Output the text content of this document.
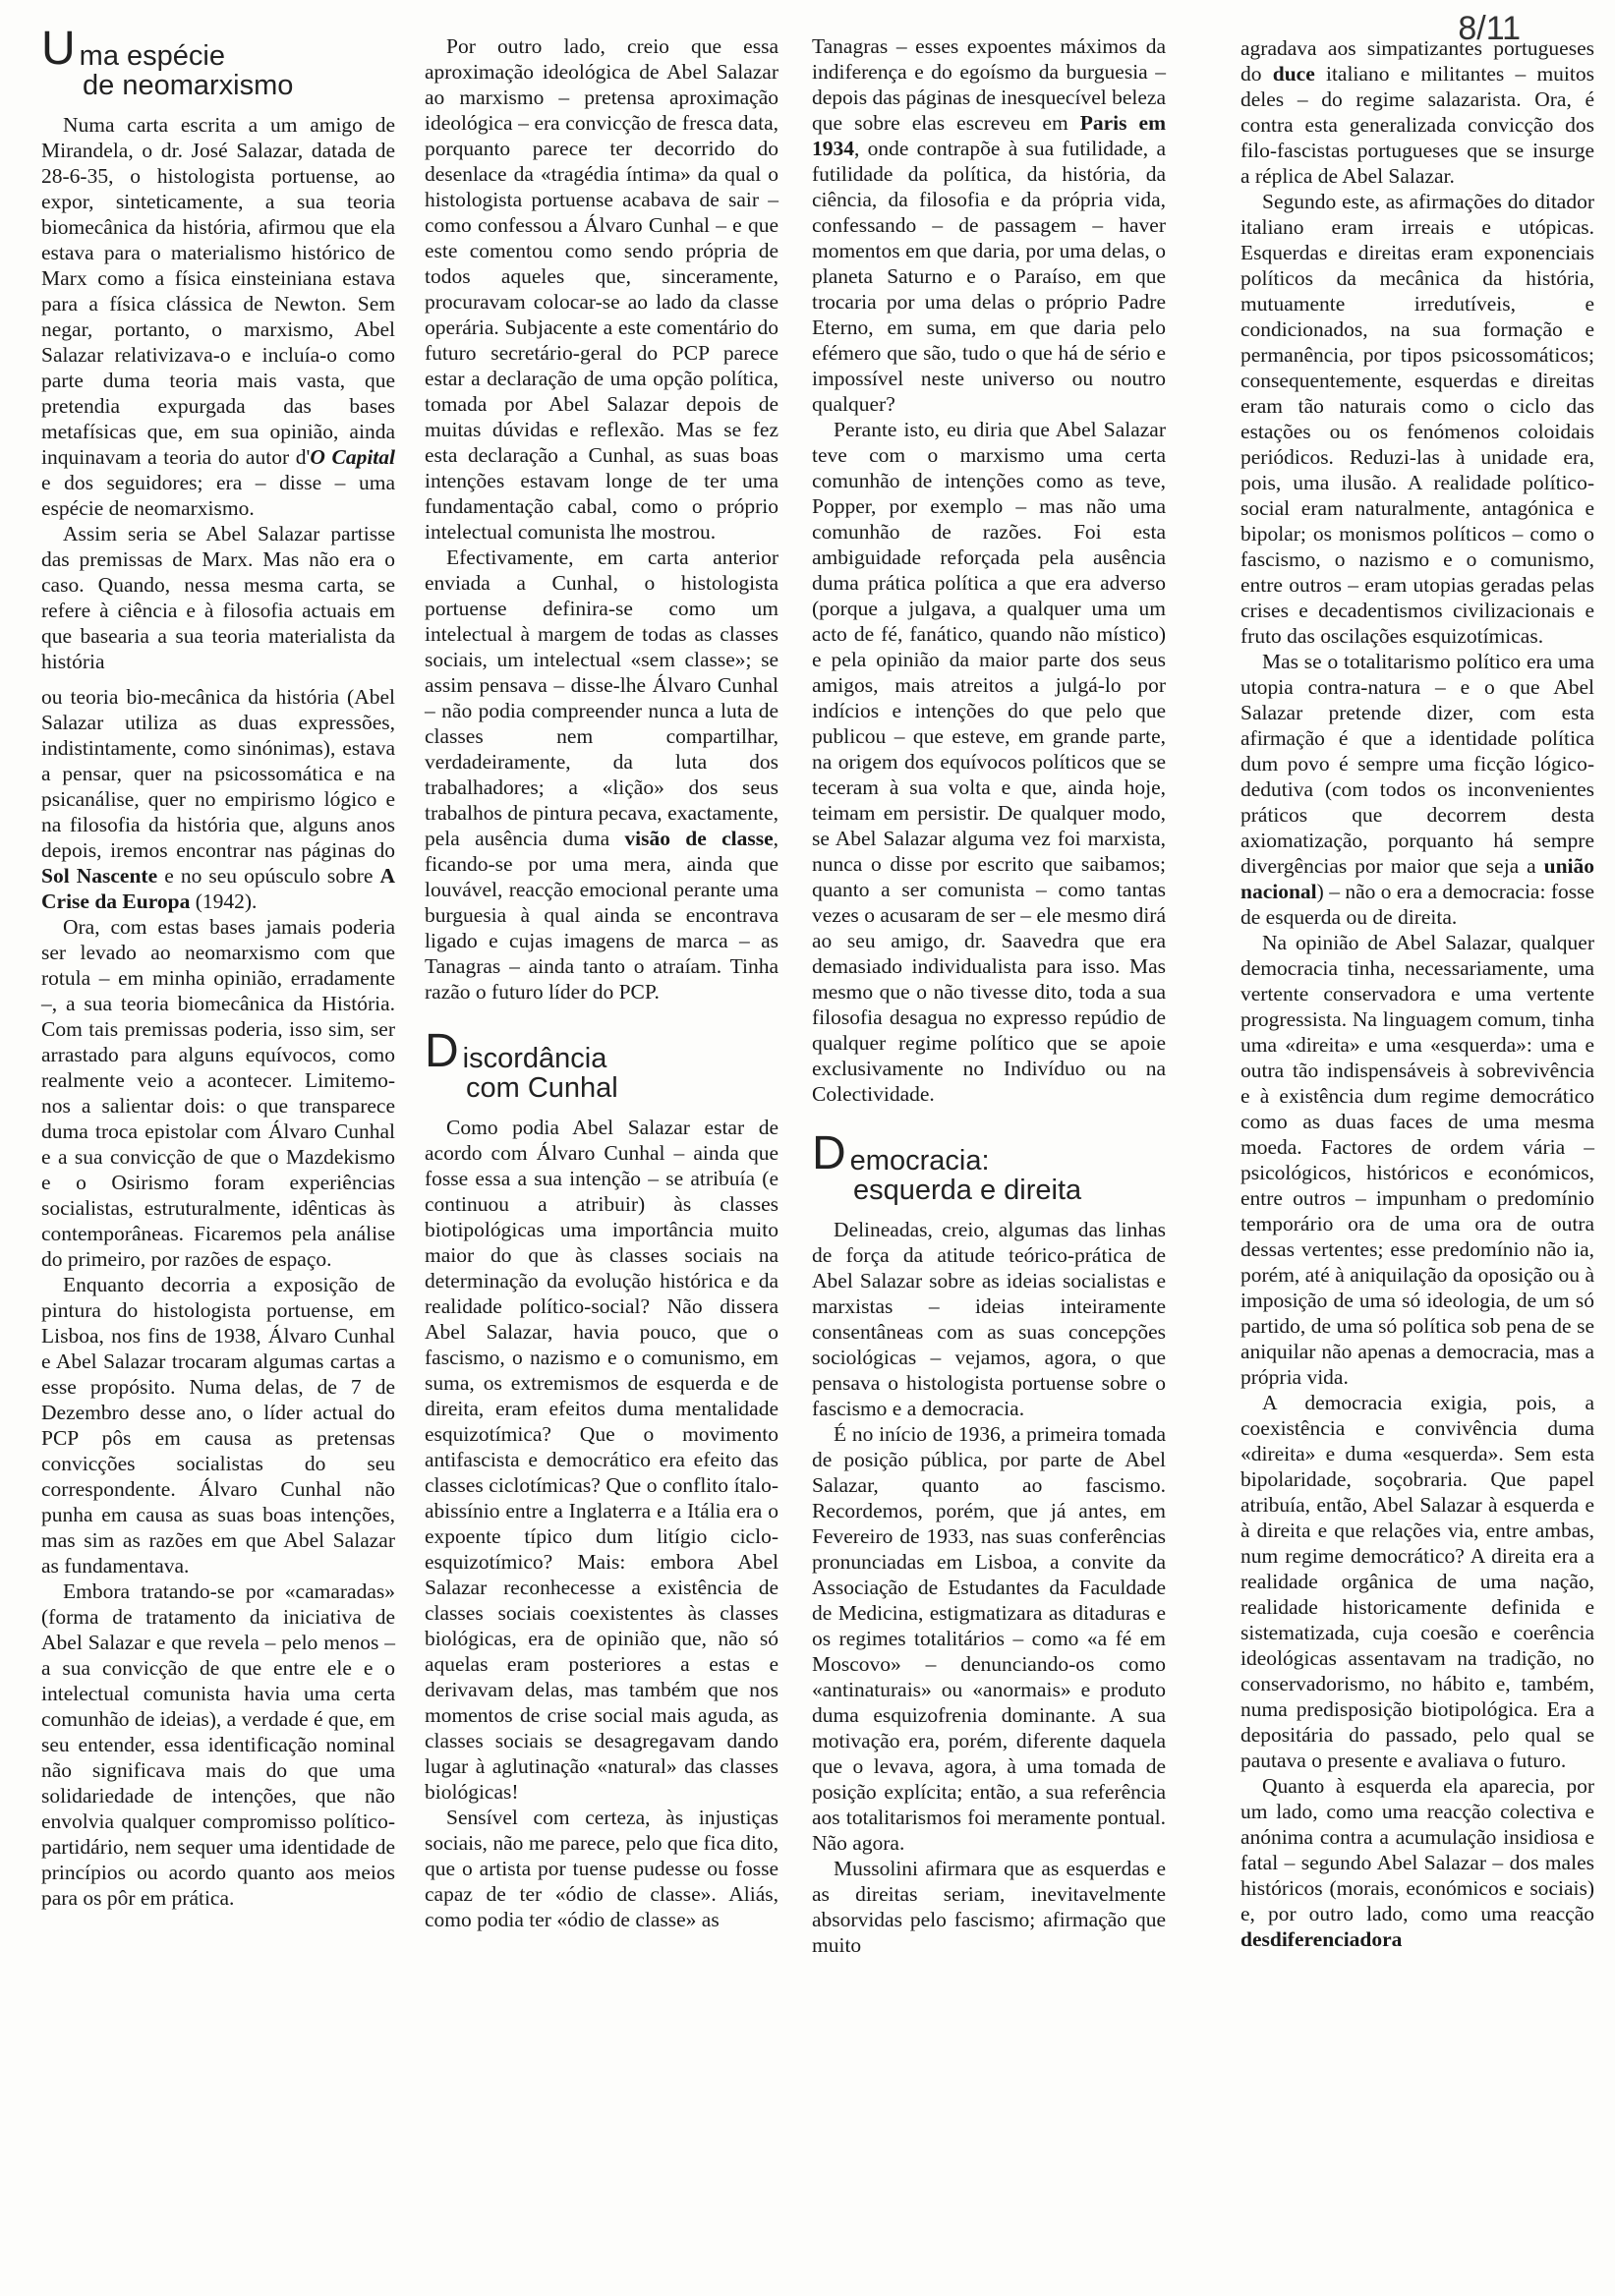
8/11
U ma espécie
de neomarxismo

Numa carta escrita a um amigo de Mirandela, o dr. José Salazar, datada de 28-6-35, o histologista portuense, ao expor, sinteticamente, a sua teoria biomecânica da história, afirmou que ela estava para o materialismo histórico de Marx como a física einsteiniana estava para a física clássica de Newton. Sem negar, portanto, o marxismo, Abel Salazar relativizava-o e incluía-o como parte duma teoria mais vasta, que pretendia expurgada das bases metafísicas que, em sua opinião, ainda inquinavam a teoria do autor d'O Capital e dos seguidores; era – disse – uma espécie de neomarxismo.

Assim seria se Abel Salazar partisse das premissas de Marx. Mas não era o caso. Quando, nessa mesma carta, se refere à ciência e à filosofia actuais em que basearia a sua teoria materialista da história

ou teoria bio-mecânica da história (Abel Salazar utiliza as duas expressões, indistintamente, como sinónimas), estava a pensar, quer na psicossomática e na psicanálise, quer no empirismo lógico e na filosofia da história que, alguns anos depois, iremos encontrar nas páginas do Sol Nascente e no seu opúsculo sobre A Crise da Europa (1942).

Ora, com estas bases jamais poderia ser levado ao neomarxismo com que rotula – em minha opinião, erradamente –, a sua teoria biomecânica da História. Com tais premissas poderia, isso sim, ser arrastado para alguns equívocos, como realmente veio a acontecer. Limitemo-nos a salientar dois: o que transparece duma troca epistolar com Álvaro Cunhal e a sua convicção de que o Mazdekismo e o Osirismo foram experiências socialistas, estruturalmente, idênticas às contemporâneas. Ficaremos pela análise do primeiro, por razões de espaço.

Enquanto decorria a exposição de pintura do histologista portuense, em Lisboa, nos fins de 1938, Álvaro Cunhal e Abel Salazar trocaram algumas cartas a esse propósito. Numa delas, de 7 de Dezembro desse ano, o líder actual do PCP pôs em causa as pretensas convicções socialistas do seu correspondente. Álvaro Cunhal não punha em causa as suas boas intenções, mas sim as razões em que Abel Salazar as fundamentava.

Embora tratando-se por «camaradas» (forma de tratamento da iniciativa de Abel Salazar e que revela – pelo menos – a sua convicção de que entre ele e o intelectual comunista havia uma certa comunhão de ideias), a verdade é que, em seu entender, essa identificação nominal não significava mais do que uma solidariedade de intenções, que não envolvia qualquer compromisso político-partidário, nem sequer uma identidade de princípios ou acordo quanto aos meios para os pôr em prática.

Por outro lado, creio que essa aproximação ideológica de Abel Salazar ao marxismo – pretensa aproximação ideológica – era convicção de fresca data, porquanto parece ter decorrido do desenlace da «tragédia íntima» da qual o histologista portuense acabava de sair – como confessou a Álvaro Cunhal – e que este comentou como sendo própria de todos aqueles que, sinceramente, procuravam colocar-se ao lado da classe operária. Subjacente a este comentário do futuro secretário-geral do PCP parece estar a declaração de uma opção política, tomada por Abel Salazar depois de muitas dúvidas e reflexão. Mas se fez esta declaração a Cunhal, as suas boas intenções estavam longe de ter uma fundamentação cabal, como o próprio intelectual comunista lhe mostrou.

Efectivamente, em carta anterior enviada a Cunhal, o histologista portuense definira-se como um intelectual à margem de todas as classes sociais, um intelectual «sem classe»; se assim pensava – disse-lhe Álvaro Cunhal – não podia compreender nunca a luta de classes nem compartilhar, verdadeiramente, da luta dos trabalhadores; a «lição» dos seus trabalhos de pintura pecava, exactamente, pela ausência duma visão de classe, ficando-se por uma mera, ainda que louvável, reacção emocional perante uma burguesia à qual ainda se encontrava ligado e cujas imagens de marca – as Tanagras – ainda tanto o atraíam. Tinha razão o futuro líder do PCP.

D iscordância
com Cunhal

Como podia Abel Salazar estar de acordo com Álvaro Cunhal – ainda que fosse essa a sua intenção – se atribuía (e continuou a atribuir) às classes biotipológicas uma importância muito maior do que às classes sociais na determinação da evolução histórica e da realidade político-social? Não dissera Abel Salazar, havia pouco, que o fascismo, o nazismo e o comunismo, em suma, os extremismos de esquerda e de direita, eram efeitos duma mentalidade esquizotímica? Que o movimento antifascista e democrático era efeito das classes ciclotímicas? Que o conflito ítalo-abissínio entre a Inglaterra e a Itália era o expoente típico dum litígio ciclo-esquizotímico? Mais: embora Abel Salazar reconhecesse a existência de classes sociais coexistentes às classes biológicas, era de opinião que, não só aquelas eram posteriores a estas e derivavam delas, mas também que nos momentos de crise social mais aguda, as classes sociais se desagregavam dando lugar à aglutinação «natural» das classes biológicas!

Sensível com certeza, às injustiças sociais, não me parece, pelo que fica dito, que o artista por tuense pudesse ou fosse capaz de ter «ódio de classe». Aliás, como podia ter «ódio de classe» as

Tanagras – esses expoentes máximos da indiferença e do egoísmo da burguesia – depois das páginas de inesquecível beleza que sobre elas escreveu em Paris em 1934, onde contrapõe à sua futilidade, a futilidade da política, da história, da ciência, da filosofia e da própria vida, confessando – de passagem – haver momentos em que daria, por uma delas, o planeta Saturno e o Paraíso, em que trocaria por uma delas o próprio Padre Eterno, em suma, em que daria pelo efémero que são, tudo o que há de sério e impossível neste universo ou noutro qualquer?

Perante isto, eu diria que Abel Salazar teve com o marxismo uma certa comunhão de intenções como as teve, Popper, por exemplo – mas não uma comunhão de razões. Foi esta ambiguidade reforçada pela ausência duma prática política a que era adverso (porque a julgava, a qualquer uma um acto de fé, fanático, quando não místico) e pela opinião da maior parte dos seus amigos, mais atreitos a julgá-lo por indícios e intenções do que pelo que publicou – que esteve, em grande parte, na origem dos equívocos políticos que se teceram à sua volta e que, ainda hoje, teimam em persistir. De qualquer modo, se Abel Salazar alguma vez foi marxista, nunca o disse por escrito que saibamos; quanto a ser comunista – como tantas vezes o acusaram de ser – ele mesmo dirá ao seu amigo, dr. Saavedra que era demasiado individualista para isso. Mas mesmo que o não tivesse dito, toda a sua filosofia desagua no expresso repúdio de qualquer regime político que se apoie exclusivamente no Indivíduo ou na Colectividade.

D emocracia:
esquerda e direita

Delineadas, creio, algumas das linhas de força da atitude teórico-prática de Abel Salazar sobre as ideias socialistas e marxistas – ideias inteiramente consentâneas com as suas concepções sociológicas – vejamos, agora, o que pensava o histologista portuense sobre o fascismo e a democracia.

É no início de 1936, a primeira tomada de posição pública, por parte de Abel Salazar, quanto ao fascismo. Recordemos, porém, que já antes, em Fevereiro de 1933, nas suas conferências pronunciadas em Lisboa, a convite da Associação de Estudantes da Faculdade de Medicina, estigmatizara as ditaduras e os regimes totalitários – como «a fé em Moscovo» – denunciando-os como «antinaturais» ou «anormais» e produto duma esquizofrenia dominante. A sua motivação era, porém, diferente daquela que o levava, agora, à uma tomada de posição explícita; então, a sua referência aos totalitarismos foi meramente pontual. Não agora.

Mussolini afirmara que as esquerdas e as direitas seriam, inevitavelmente absorvidas pelo fascismo; afirmação que muito

agradava aos simpatizantes portugueses do duce italiano e militantes – muitos deles – do regime salazarista. Ora, é contra esta generalizada convicção dos filo-fascistas portugueses que se insurge a réplica de Abel Salazar.

Segundo este, as afirmações do ditador italiano eram irreais e utópicas. Esquerdas e direitas eram exponenciais políticos da mecânica da história, mutuamente irredutíveis, e condicionados, na sua formação e permanência, por tipos psicossomáticos; consequentemente, esquerdas e direitas eram tão naturais como o ciclo das estações ou os fenómenos coloidais periódicos. Reduzi-las à unidade era, pois, uma ilusão. A realidade político-social eram naturalmente, antagónica e bipolar; os monismos políticos – como o fascismo, o nazismo e o comunismo, entre outros – eram utopias geradas pelas crises e decadentismos civilizacionais e fruto das oscilações esquizotímicas.

Mas se o totalitarismo político era uma utopia contra-natura – e o que Abel Salazar pretende dizer, com esta afirmação é que a identidade política dum povo é sempre uma ficção lógico-dedutiva (com todos os inconvenientes práticos que decorrem desta axiomatização, porquanto há sempre divergências por maior que seja a união nacional) – não o era a democracia: fosse de esquerda ou de direita.

Na opinião de Abel Salazar, qualquer democracia tinha, necessariamente, uma vertente conservadora e uma vertente progressista. Na linguagem comum, tinha uma «direita» e uma «esquerda»: uma e outra tão indispensáveis à sobrevivência e à existência dum regime democrático como as duas faces de uma mesma moeda. Factores de ordem vária – psicológicos, históricos e económicos, entre outros – impunham o predomínio temporário ora de uma ora de outra dessas vertentes; esse predomínio não ia, porém, até à aniquilação da oposição ou à imposição de uma só ideologia, de um só partido, de uma só política sob pena de se aniquilar não apenas a democracia, mas a própria vida.

A democracia exigia, pois, a coexistência e convivência duma «direita» e duma «esquerda». Sem esta bipolaridade, soçobraria. Que papel atribuía, então, Abel Salazar à esquerda e à direita e que relações via, entre ambas, num regime democrático? A direita era a realidade orgânica de uma nação, realidade historicamente definida e sistematizada, cuja coesão e coerência ideológicas assentavam na tradição, no conservadorismo, no hábito e, também, numa predisposição biotipológica. Era a depositária do passado, pelo qual se pautava o presente e avaliava o futuro.

Quanto à esquerda ela aparecia, por um lado, como uma reacção colectiva e anónima contra a acumulação insidiosa e fatal – segundo Abel Salazar – dos males históricos (morais, económicos e sociais) e, por outro lado, como uma reacção desdiferenciadora
